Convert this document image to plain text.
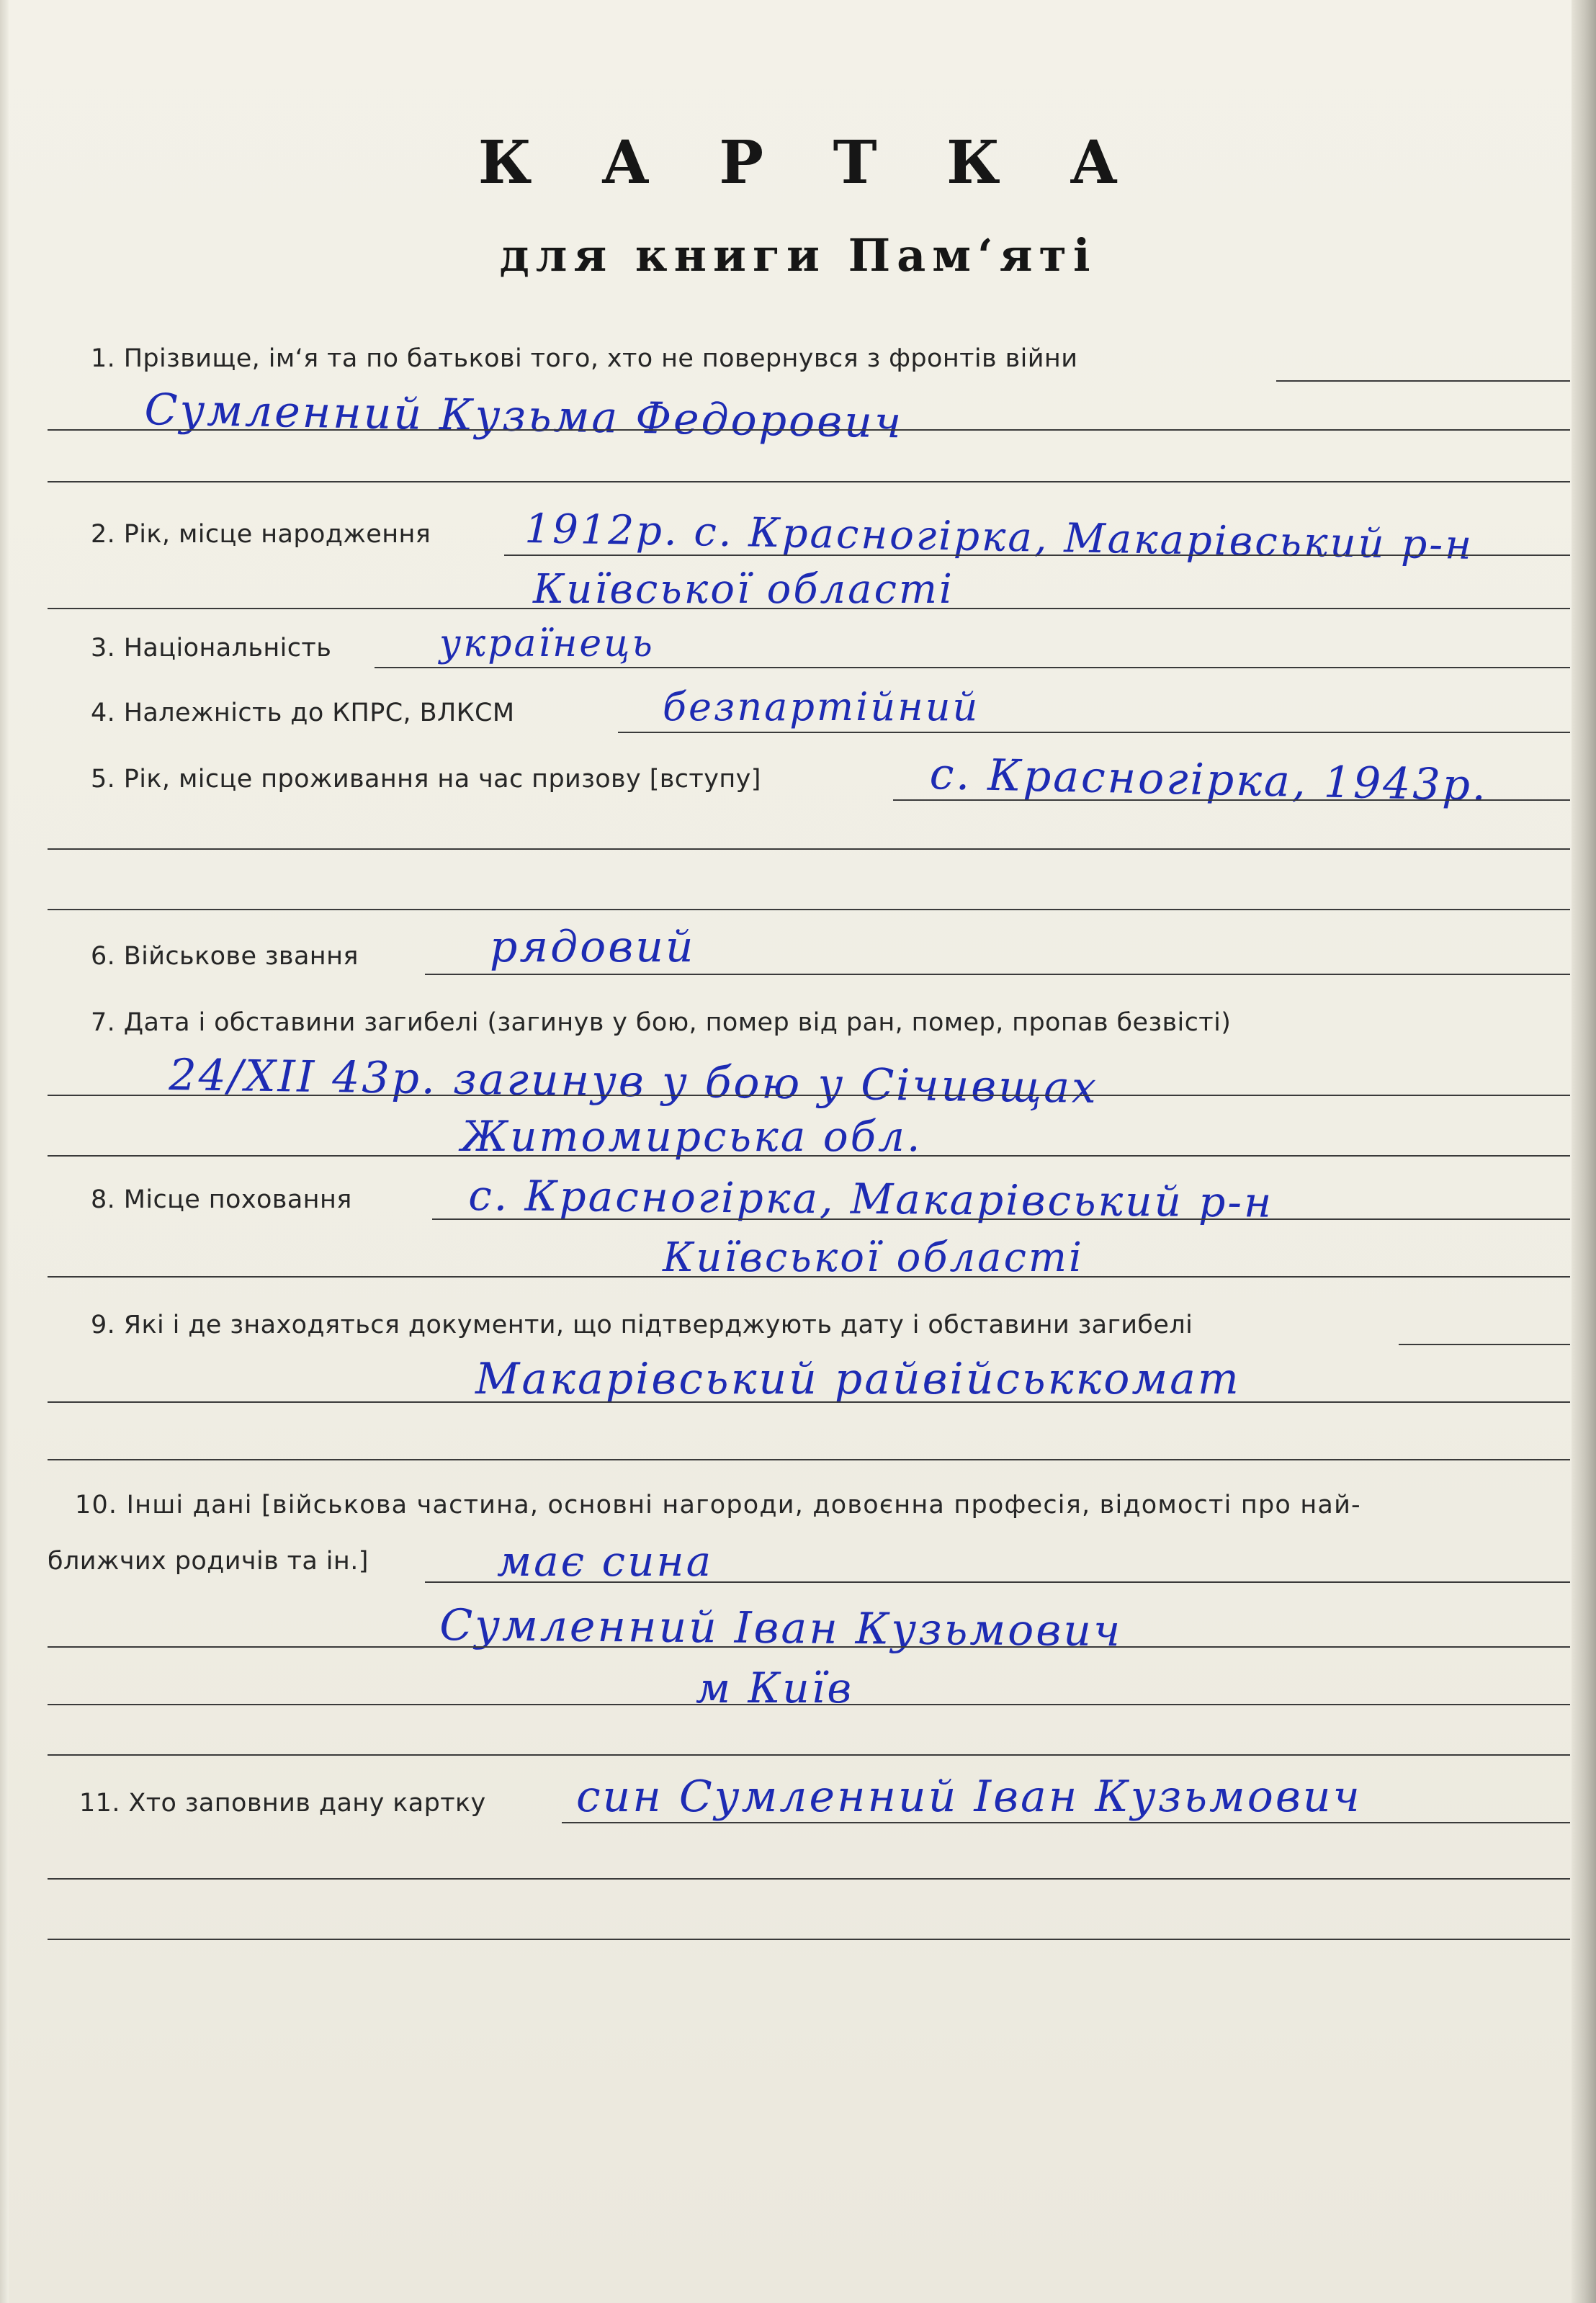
К А Р Т К А
для книги Пам‘яті
1. Прізвище, ім‘я та по батькові того, хто не повернувся з фронтів війни
Сумленний Кузьма Федорович
2. Рік, місце народження 1912р. с. Красногірка, Макарівський р-н
Київської області
3. Національність	українець
4. Належність до КПРС, ВЛКСМ	безпартійний
5. Рік, місце проживання на час призову [вступу]	с. Красногірка, 1943р.
6. Військове звання	рядовий
7. Дата і обставини загибелі (загинув у бою, помер від ран, помер, пропав безвісті)
24/XII 43р. загинув у бою у Січивщах
Житомирська обл.
8. Місце поховання	с. Красногірка, Макарівський р-н
Київської області
9. Які і де знаходяться документи, що підтверджують дату і обставини загибелі
Макарівський райвійськкомат
10. Інші дані [військова частина, основні нагороди, довоєнна професія, відомості про най-
ближчих родичів та ін.]	має сина
Сумленний Іван Кузьмович
м Київ
11. Хто заповнив дану картку син Сумленний Іван Кузьмович
